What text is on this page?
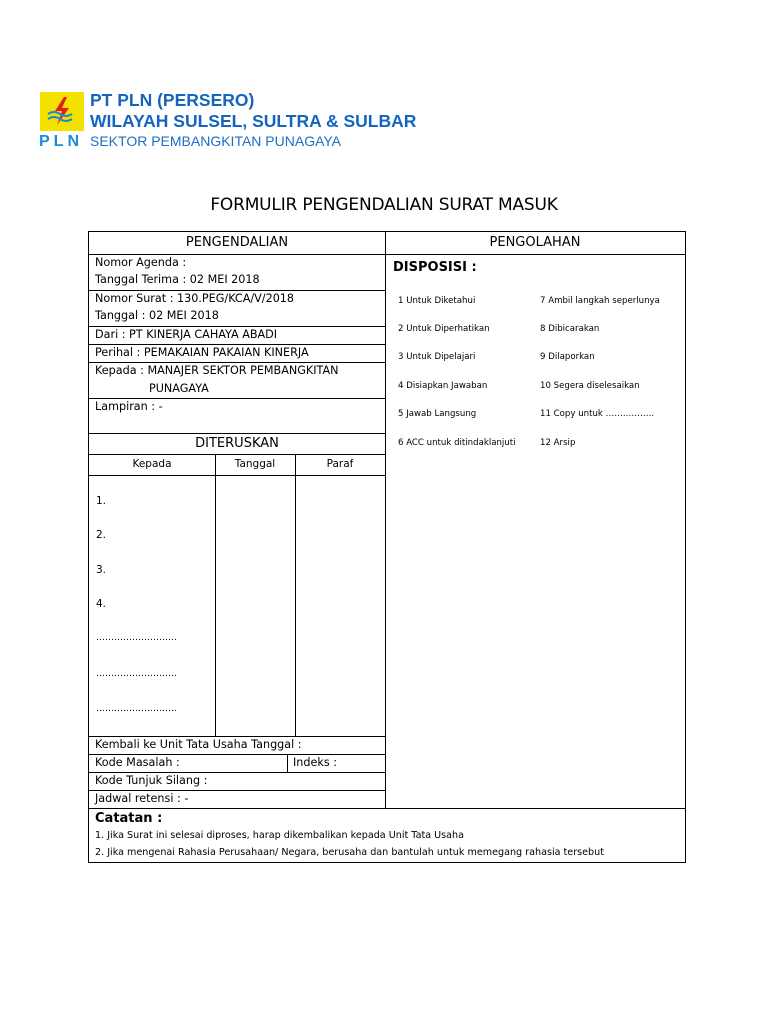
PLN
PT PLN (PERSERO)
WILAYAH SULSEL, SULTRA & SULBAR
SEKTOR PEMBANGKITAN PUNAGAYA
FORMULIR PENGENDALIAN SURAT MASUK
PENGENDALIAN	PENGOLAHAN
Nomor Agenda :
Tanggal Terima : 02 MEI 2018
Nomor Surat : 130.PEG/KCA/V/2018
Tanggal : 02 MEI 2018
Dari : PT KINERJA CAHAYA ABADI
Perihal : PEMAKAIAN PAKAIAN KINERJA
Kepada : MANAJER SEKTOR PEMBANGKITAN
PUNAGAYA
Lampiran : -
DITERUSKAN
Kepada	Tanggal	Paraf
1.
2.
3.
4.
………………………
………………………
………………………
Kembali ke Unit Tata Usaha Tanggal :
Kode Masalah :	Indeks :
Kode Tunjuk Silang :
Jadwal retensi : -
DISPOSISI :
1 Untuk Diketahui
2 Untuk Diperhatikan
3 Untuk Dipelajari
4 Disiapkan Jawaban
5 Jawab Langsung
6 ACC untuk ditindaklanjuti
7 Ambil langkah seperlunya
8 Dibicarakan
9 Dilaporkan
10 Segera diselesaikan
11 Copy untuk ……………..
12 Arsip
Catatan :
1. Jika Surat ini selesai diproses, harap dikembalikan kepada Unit Tata Usaha
2. Jika mengenai Rahasia Perusahaan/ Negara, berusaha dan bantulah untuk memegang rahasia tersebut
